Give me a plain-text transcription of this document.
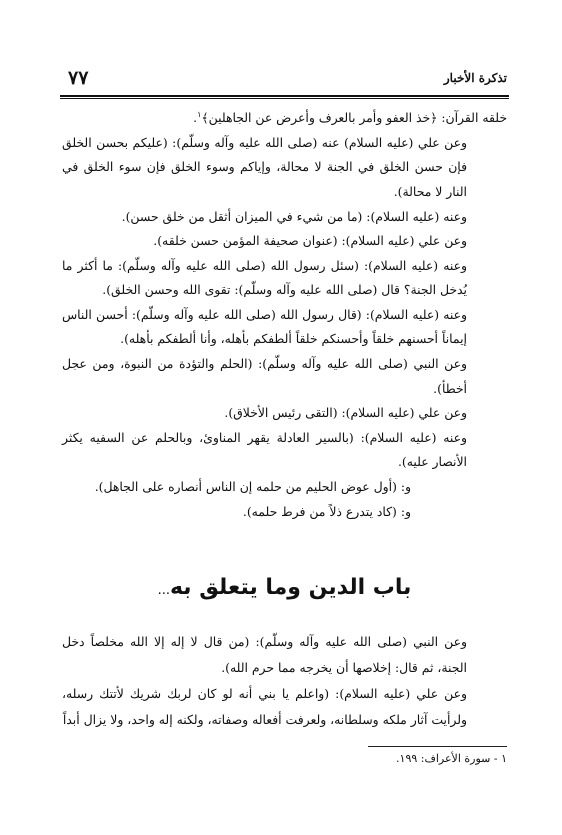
تذكرة الأخبار
٧٧

خلقه القرآن: ﴿خذ العفو وأمر بالعرف وأعرض عن الجاهلين﴾$^١$.

وعن علي (عليه السلام) عنه (صلى الله عليه وآله وسلّم): (عليكم بحسن الخلق فإن حسن الخلق في الجنة لا محالة، وإياكم وسوء الخلق فإن سوء الخلق في النار لا محالة).

وعنه (عليه السلام): (ما من شيء في الميزان أثقل من خلق حسن).

وعن علي (عليه السلام): (عنوان صحيفة المؤمن حسن خلقه).

وعنه (عليه السلام): (سئل رسول الله (صلى الله عليه وآله وسلّم): ما أكثر ما يُدخل الجنة؟ قال (صلى الله عليه وآله وسلّم): تقوى الله وحسن الخلق).

وعنه (عليه السلام): (قال رسول الله (صلى الله عليه وآله وسلّم): أحسن الناس إيماناً أحسنهم خلقاً وأحسنكم خلقاً ألطفكم بأهله، وأنا ألطفكم بأهله).

وعن النبي (صلى الله عليه وآله وسلّم): (الحلم والتؤدة من النبوة، ومن عجل أخطأ).

وعن علي (عليه السلام): (التقى رئيس الأخلاق).

وعنه (عليه السلام): (بالسير العادلة يقهر المناوئ، وبالحلم عن السفيه يكثر الأنصار عليه).

و: (أول عوض الحليم من حلمه إن الناس أنصاره على الجاهل).

و: (كاد يتدرع ذلاً من فرط حلمه).

باب الدين وما يتعلق به...

وعن النبي (صلى الله عليه وآله وسلّم): (من قال لا إله إلا الله مخلصاً دخل الجنة، ثم قال: إخلاصها أن يخرجه مما حرم الله).

وعن علي (عليه السلام): (واعلم يا بني أنه لو كان لربك شريك لأتتك رسله، ولرأيت آثار ملكه وسلطانه، ولعرفت أفعاله وصفاته، ولكنه إله واحد، ولا يزال أبداً

١ - سورة الأعراف: ١٩٩.
